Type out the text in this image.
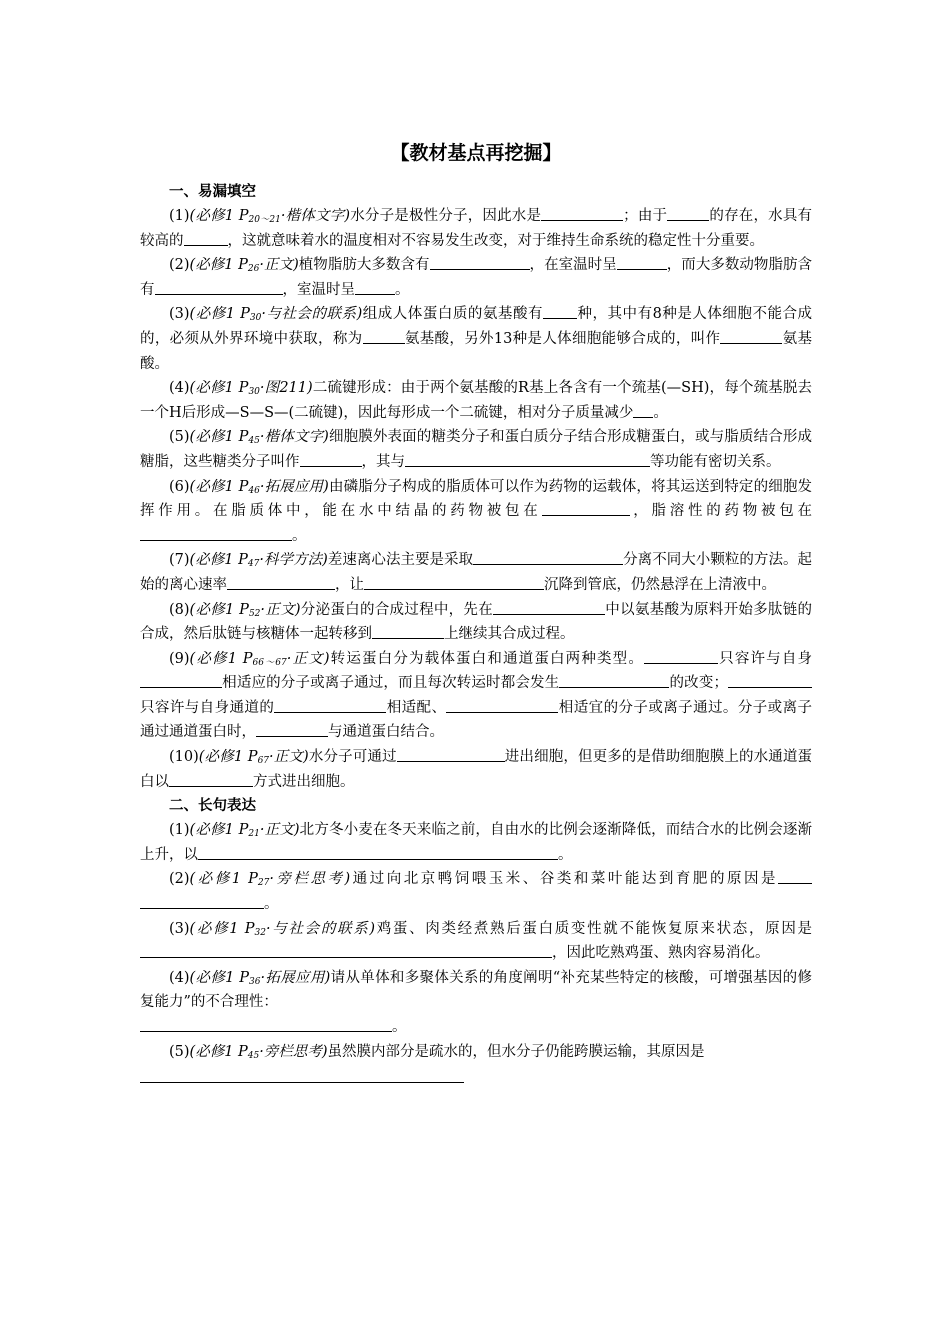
【教材基点再挖掘】
一、易漏填空

(1)(必修1 $P_{20\sim 21}\cdot$楷体文字)水分子是极性分子，因此水是	；由于	的存在，水具有较高的	，这就意味着水的温度相对不容易发生改变，对于维持生命系统的稳定性十分重要。

(2)(必修1 $P_{26}\cdot$正文)植物脂肪大多数含有	，在室温时呈	，而大多数动物脂肪含有	，室温时呈	。

(3)(必修1 $P_{30}\cdot$与社会的联系)组成人体蛋白质的氨基酸有 种，其中有8种是人体细胞不能合成的，必须从外界环境中获取，称为	氨基酸，另外13种是人体细胞能够合成的，叫作	氨基酸。

(4)(必修1 $P_{30}\cdot$图211)二硫键形成：由于两个氨基酸的R基上各含有一个巯基(—SH)，每个巯基脱去一个H后形成—S—S—(二硫键)，因此每形成一个二硫键，相对分子质量减少 。

(5)(必修1 $P_{45}\cdot$楷体文字)细胞膜外表面的糖类分子和蛋白质分子结合形成糖蛋白，或与脂质结合形成糖脂，这些糖类分子叫作	，其与	等功能有密切关系。

(6)(必修1 $P_{46}\cdot$拓展应用)由磷脂分子构成的脂质体可以作为药物的运载体，将其运送到特定的细胞发挥作用。在脂质体中，能在水中结晶的药物被包在	，脂溶性的药物被包在。

(7)(必修1 $P_{47}\cdot$科学方法)差速离心法主要是采取	分离不同大小颗粒的方法。起始的离心速率	，让	沉降到管底，仍然悬浮在上清液中。

(8)(必修1 $P_{52}\cdot$正文)分泌蛋白的合成过程中，先在	中以氨基酸为原料开始多肽链的合成，然后肽链与核糖体一起转移到	上继续其合成过程。

(9)(必修1 $P_{66\sim 67}\cdot$正文)转运蛋白分为载体蛋白和通道蛋白两种类型。	只容许与自身相适应的分子或离子通过，而且每次转运时都会发生	的改变；只容许与自身通道的	相适配、	相适宜的分子或离子通过。分子或离子通过通道蛋白时，	与通道蛋白结合。

(10)(必修1 $P_{67}\cdot$正文)水分子可通过	进出细胞，但更多的是借助细胞膜上的水通道蛋白以	方式进出细胞。

二、长句表达

(1)(必修1 $P_{21}\cdot$正文)北方冬小麦在冬天来临之前，自由水的比例会逐渐降低，而结合水的比例会逐渐上升，以	。

(2)(必修1 $P_{27}\cdot$旁栏思考)通过向北京鸭饲喂玉米、谷类和菜叶能达到育肥的原因是。

(3)(必修1 $P_{32}\cdot$与社会的联系)鸡蛋、肉类经煮熟后蛋白质变性就不能恢复原来状态，原因是，因此吃熟鸡蛋、熟肉容易消化。

(4)(必修1 $P_{36}\cdot$拓展应用)请从单体和多聚体关系的角度阐明“补充某些特定的核酸，可增强基因的修复能力”的不合理性：

。

(5)(必修1 $P_{45}\cdot$旁栏思考)虽然膜内部分是疏水的，但水分子仍能跨膜运输，其原因是
